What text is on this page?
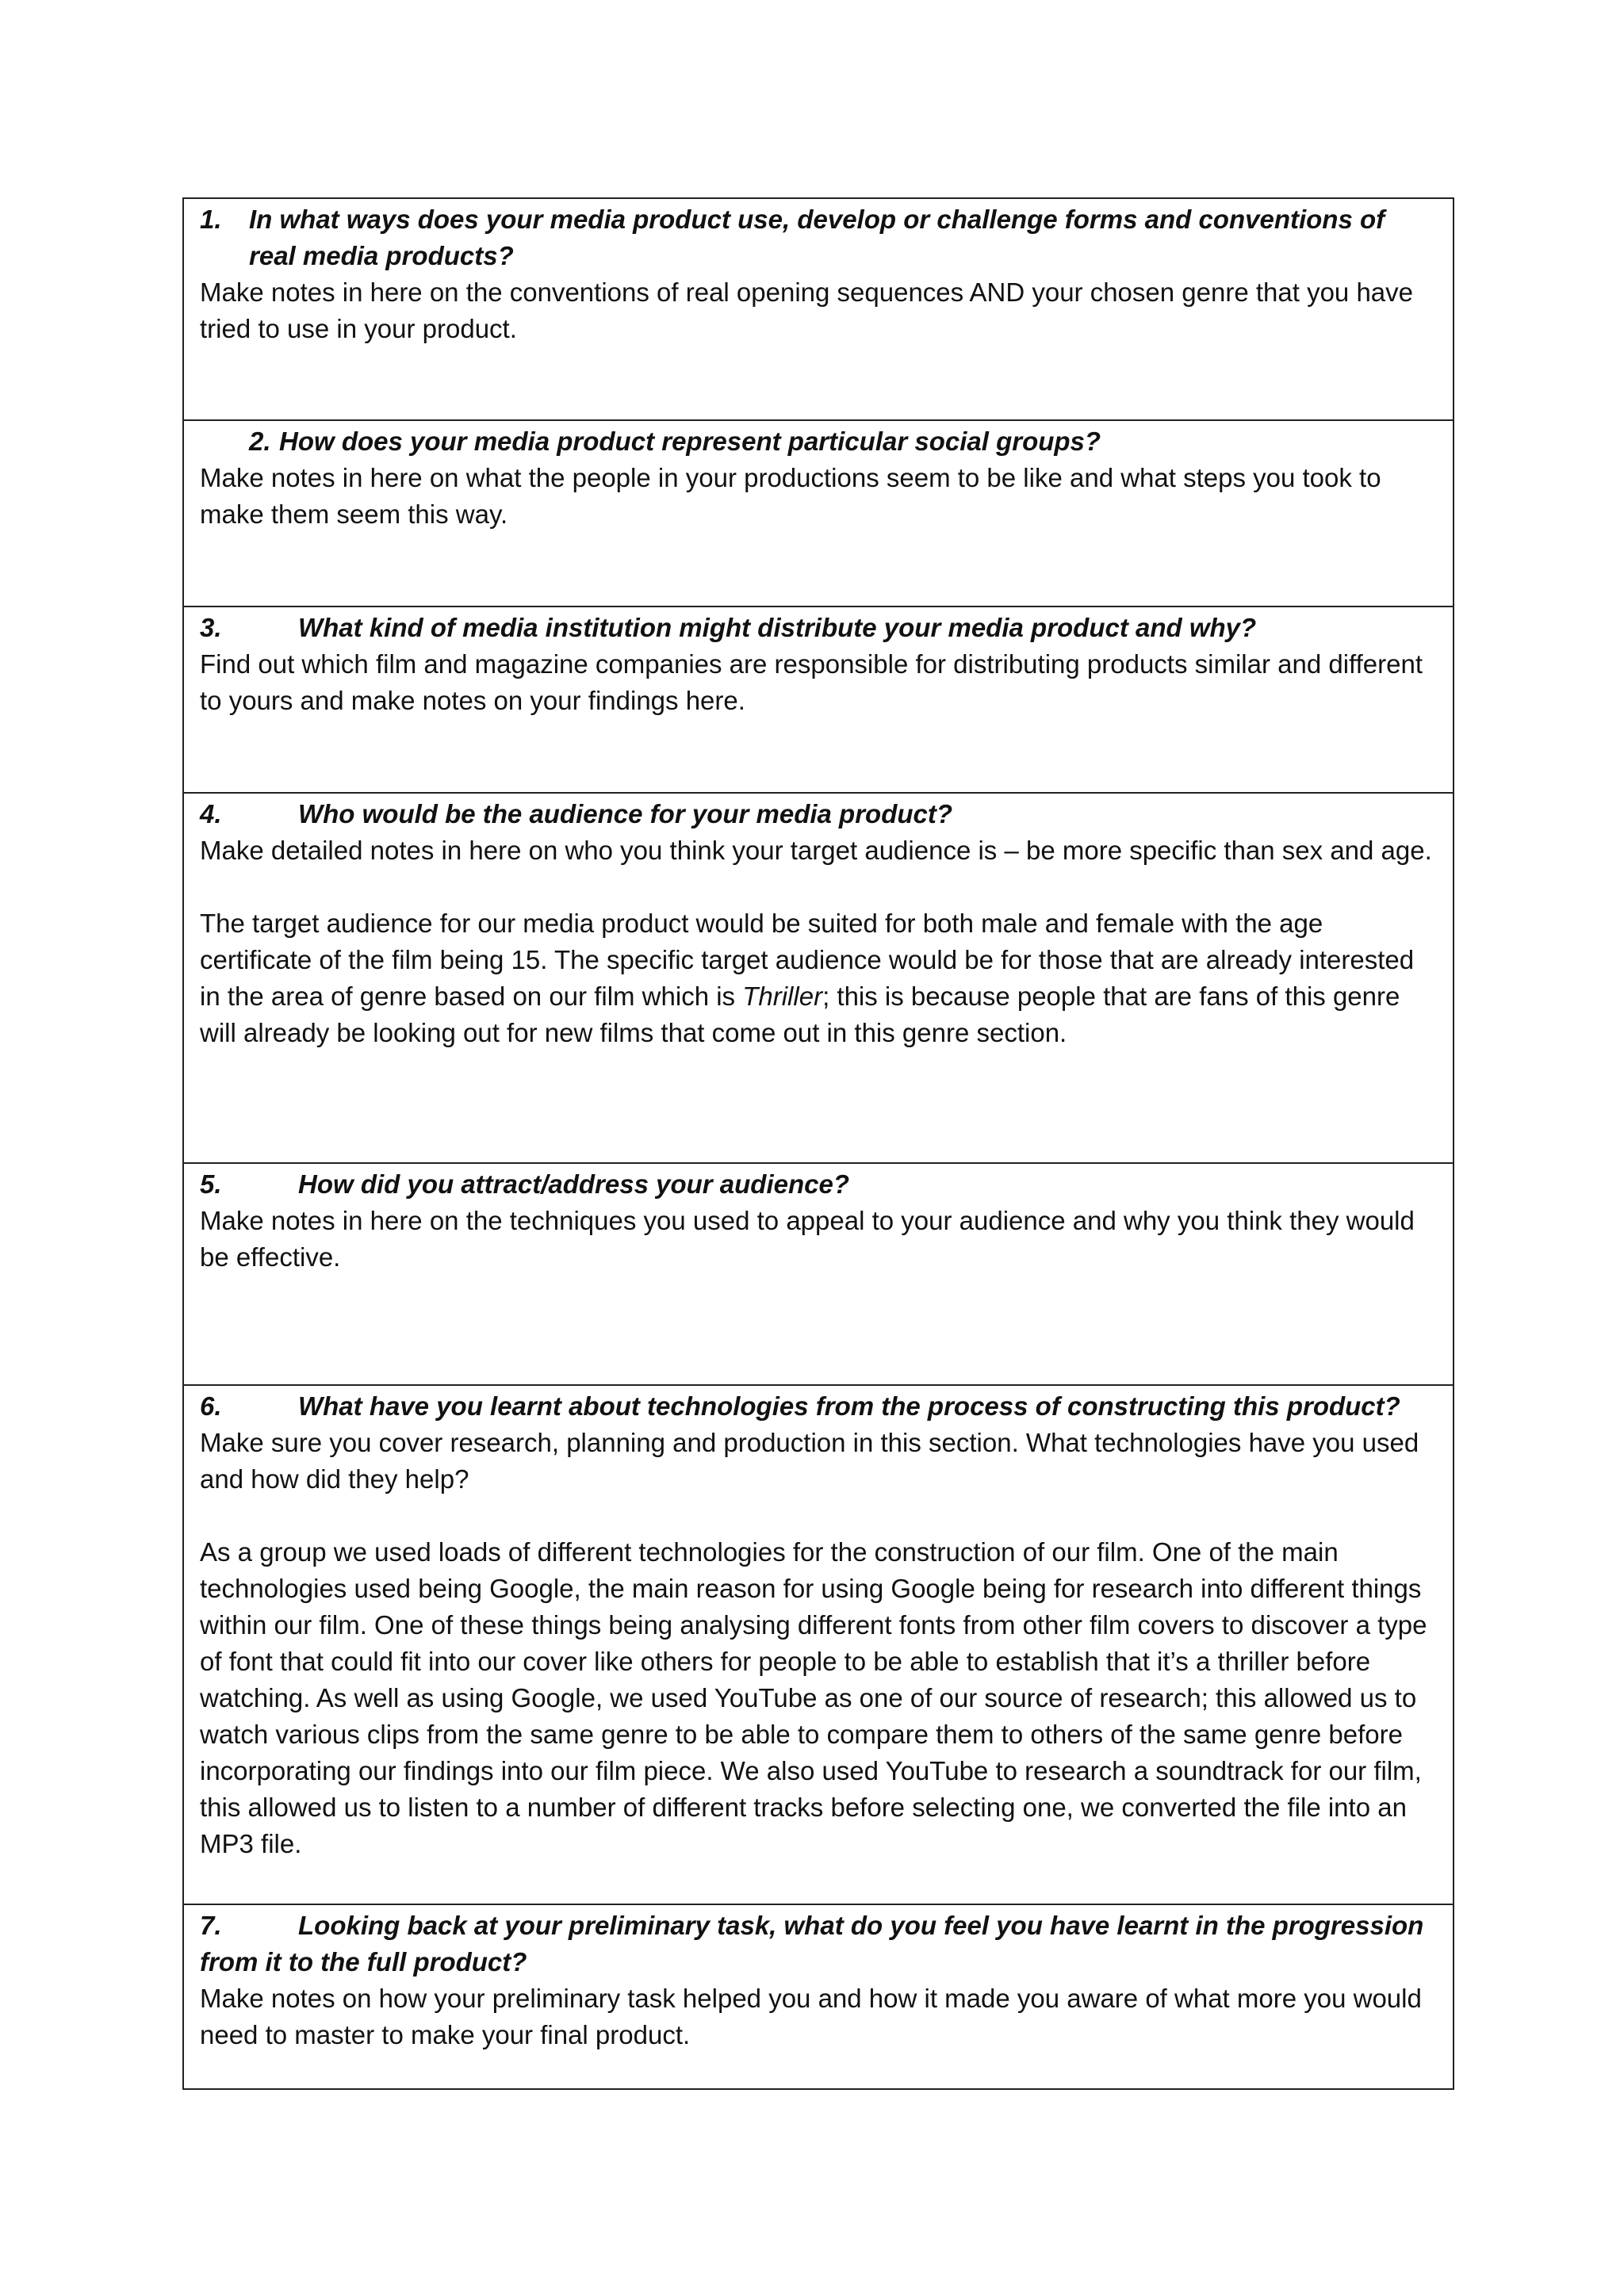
1. In what ways does your media product use, develop or challenge forms and conventions of real media products?
Make notes in here on the conventions of real opening sequences AND your chosen genre that you have tried to use in your product.

2. How does your media product represent particular social groups?
Make notes in here on what the people in your productions seem to be like and what steps you took to make them seem this way.

3.	What kind of media institution might distribute your media product and why?
Find out which film and magazine companies are responsible for distributing products similar and different to yours and make notes on your findings here.

4.	Who would be the audience for your media product?
Make detailed notes in here on who you think your target audience is – be more specific than sex and age.
The target audience for our media product would be suited for both male and female with the age certificate of the film being 15. The specific target audience would be for those that are already interested in the area of genre based on our film which is Thriller; this is because people that are fans of this genre will already be looking out for new films that come out in this genre section.

5.	How did you attract/address your audience?
Make notes in here on the techniques you used to appeal to your audience and why you think they would be effective.

6.	What have you learnt about technologies from the process of constructing this product?
Make sure you cover research, planning and production in this section. What technologies have you used and how did they help?
As a group we used loads of different technologies for the construction of our film. One of the main technologies used being Google, the main reason for using Google being for research into different things within our film. One of these things being analysing different fonts from other film covers to discover a type of font that could fit into our cover like others for people to be able to establish that it’s a thriller before watching. As well as using Google, we used YouTube as one of our source of research; this allowed us to watch various clips from the same genre to be able to compare them to others of the same genre before incorporating our findings into our film piece. We also used YouTube to research a soundtrack for our film, this allowed us to listen to a number of different tracks before selecting one, we converted the file into an MP3 file.

7.	Looking back at your preliminary task, what do you feel you have learnt in the progression from it to the full product?
Make notes on how your preliminary task helped you and how it made you aware of what more you would need to master to make your final product.
